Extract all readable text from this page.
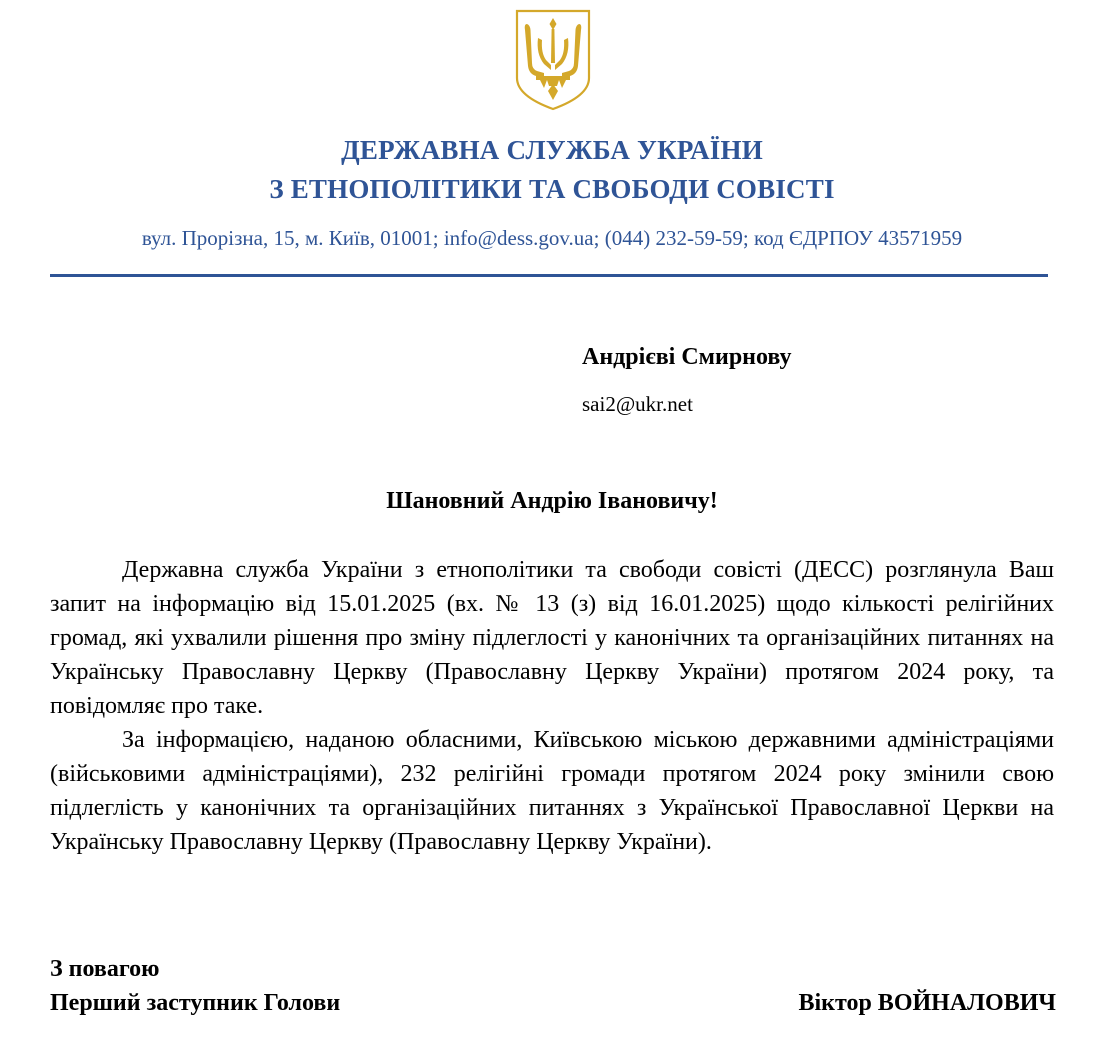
ДЕРЖАВНА СЛУЖБА УКРАЇНИ
З ЕТНОПОЛІТИКИ ТА СВОБОДИ СОВІСТІ
вул. Прорізна, 15, м. Київ, 01001; info@dess.gov.ua; (044) 232-59-59; код ЄДРПОУ 43571959
Андрієві Смирнову
sai2@ukr.net
Шановний Андрію Івановичу!

Державна служба України з етнополітики та свободи совісті (ДЕСС) розглянула Ваш запит на інформацію від 15.01.2025 (вх. № 13 (з) від 16.01.2025) щодо кількості релігійних громад, які ухвалили рішення про зміну підлеглості у канонічних та організаційних питаннях на Українську Православну Церкву (Православну Церкву України) протягом 2024 року, та повідомляє про таке.

За інформацією, наданою обласними, Київською міською державними адміністраціями (військовими адміністраціями), 232 релігійні громади протягом 2024 року змінили свою підлеглість у канонічних та організаційних питаннях з Української Православної Церкви на Українську Православну Церкву (Православну Церкву України).

З повагою
Перший заступник Голови	Віктор ВОЙНАЛОВИЧ
